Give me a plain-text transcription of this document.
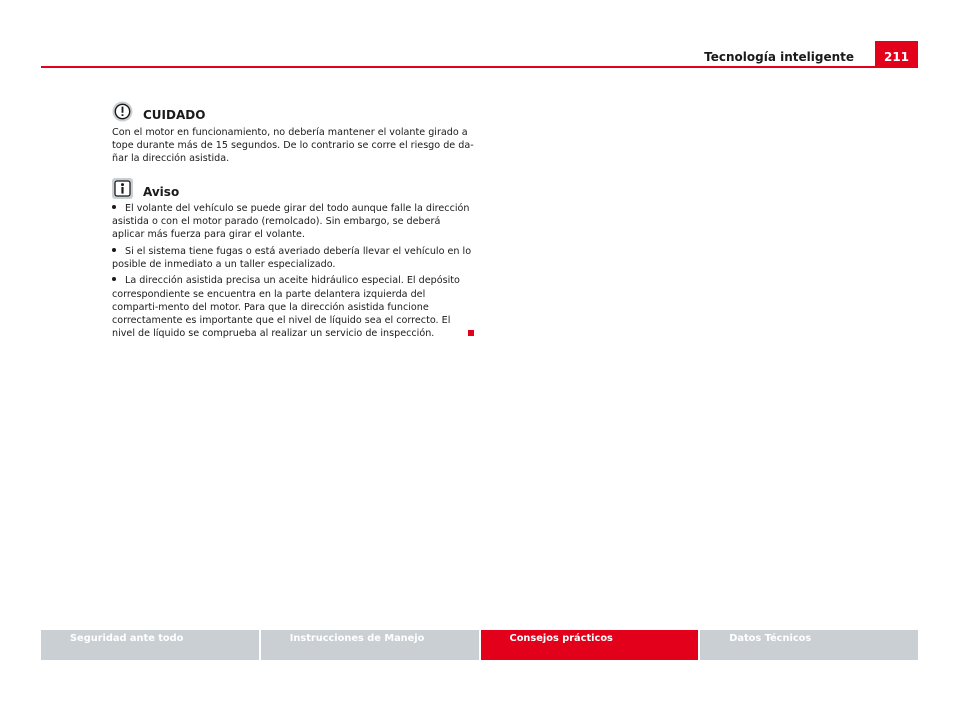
Tecnología inteligente	211
CUIDADO

Con el motor en funcionamiento, no debería mantener el volante girado a tope durante más de 15 segundos. De lo contrario se corre el riesgo de da-ñar la dirección asistida.

Aviso
El volante del vehículo se puede girar del todo aunque falle la dirección asistida o con el motor parado (remolcado). Sin embargo, se deberá aplicar más fuerza para girar el volante.
Si el sistema tiene fugas o está averiado debería llevar el vehículo en lo posible de inmediato a un taller especializado.
La dirección asistida precisa un aceite hidráulico especial. El depósito correspondiente se encuentra en la parte delantera izquierda del comparti-mento del motor. Para que la dirección asistida funcione correctamente es importante que el nivel de líquido sea el correcto. El nivel de líquido se comprueba al realizar un servicio de inspección.
Seguridad ante todo	Instrucciones de Manejo	Consejos prácticos	Datos Técnicos
